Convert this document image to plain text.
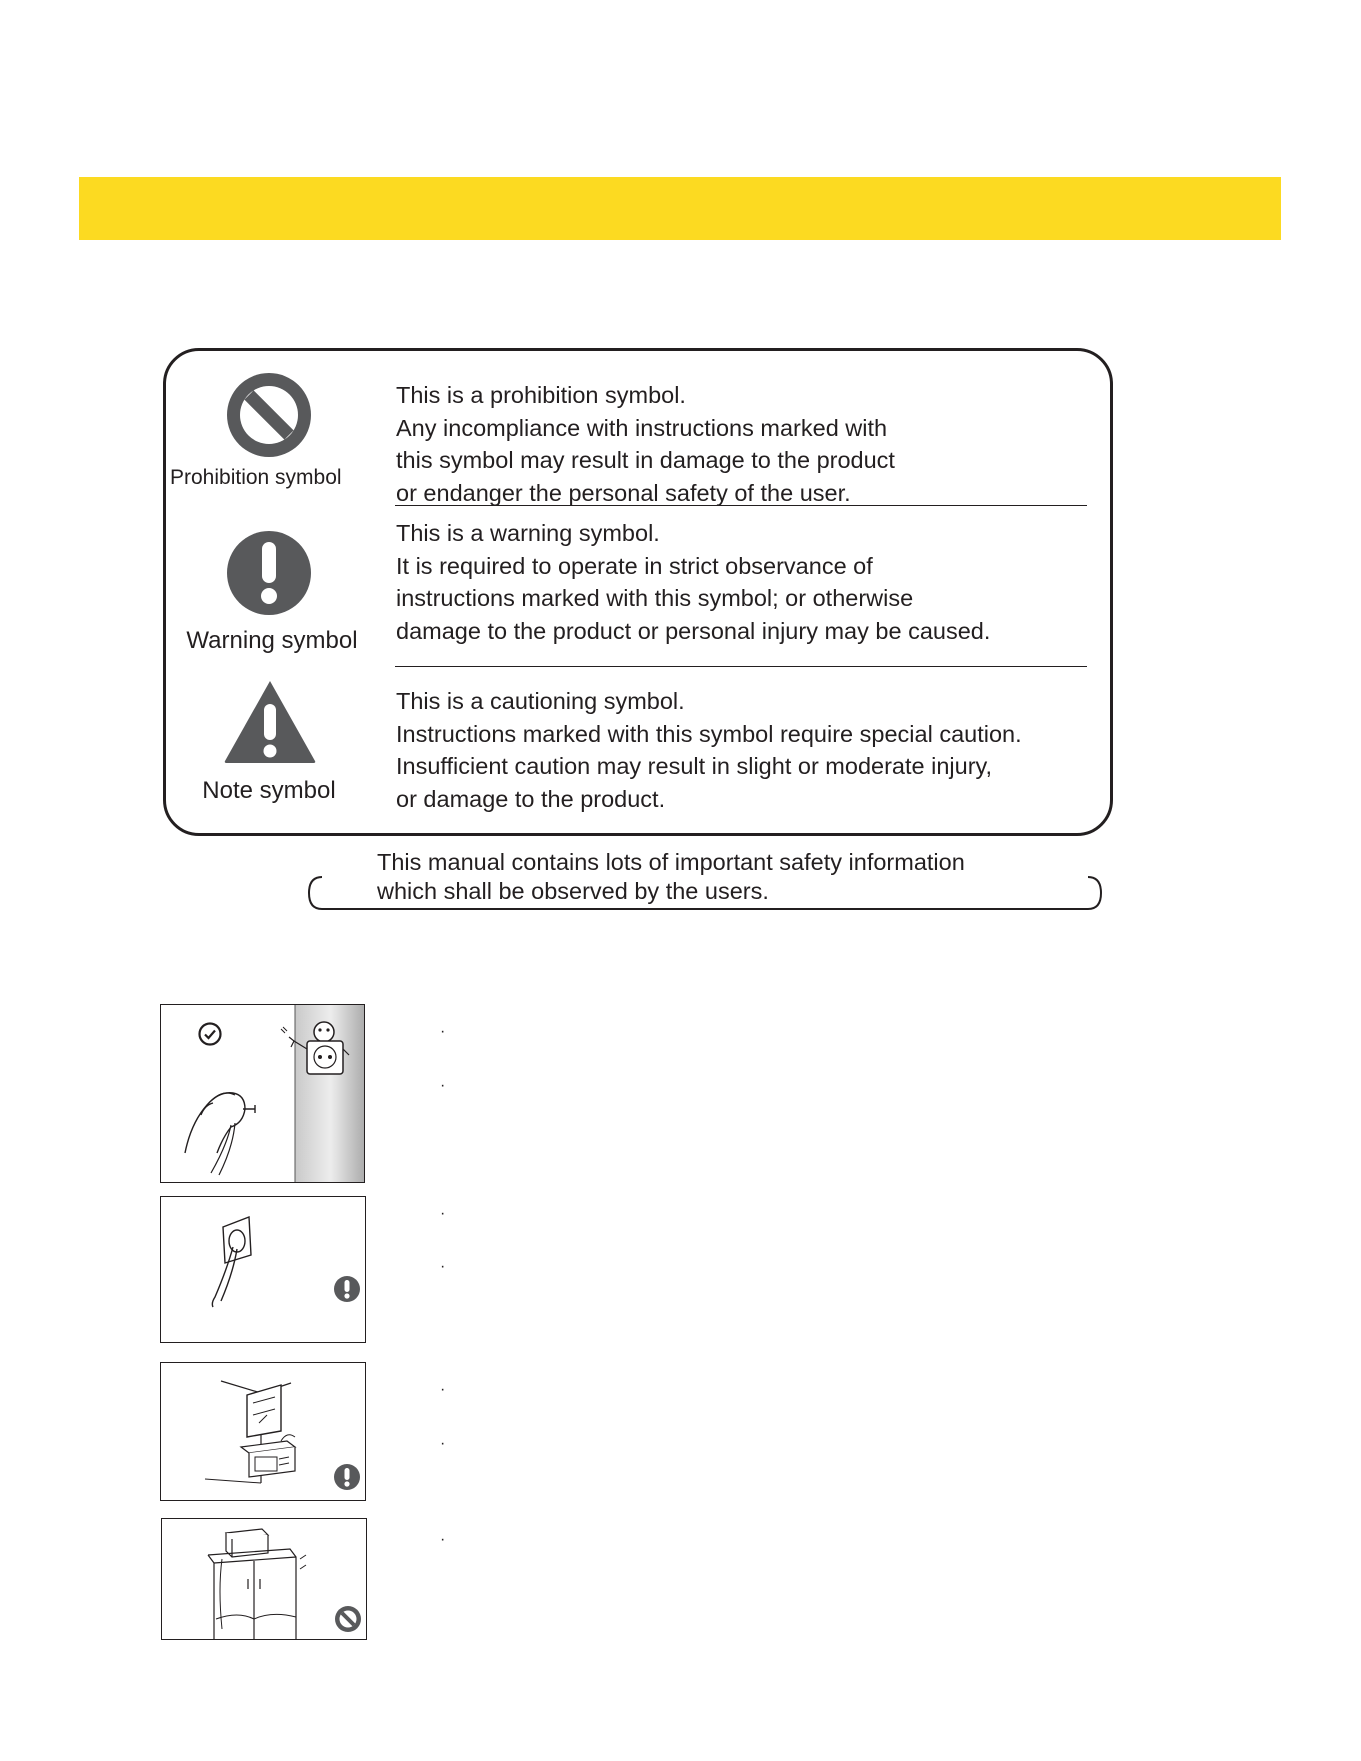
Prohibition symbol
This is a prohibition symbol.
Any incompliance with instructions marked with
this symbol may result in damage to the product
or endanger the personal safety of the user.
Warning symbol
This is a warning symbol.
It is required to operate in strict observance of
instructions marked with this symbol; or otherwise
damage to the product or personal injury may be caused.
Note symbol
This is a cautioning symbol.
Instructions marked with this symbol require special caution.
Insufficient caution may result in slight or moderate injury,
or damage to the product.
This manual contains lots of important safety information
which shall be observed by the users.
·
·
·
·
·
·
·
